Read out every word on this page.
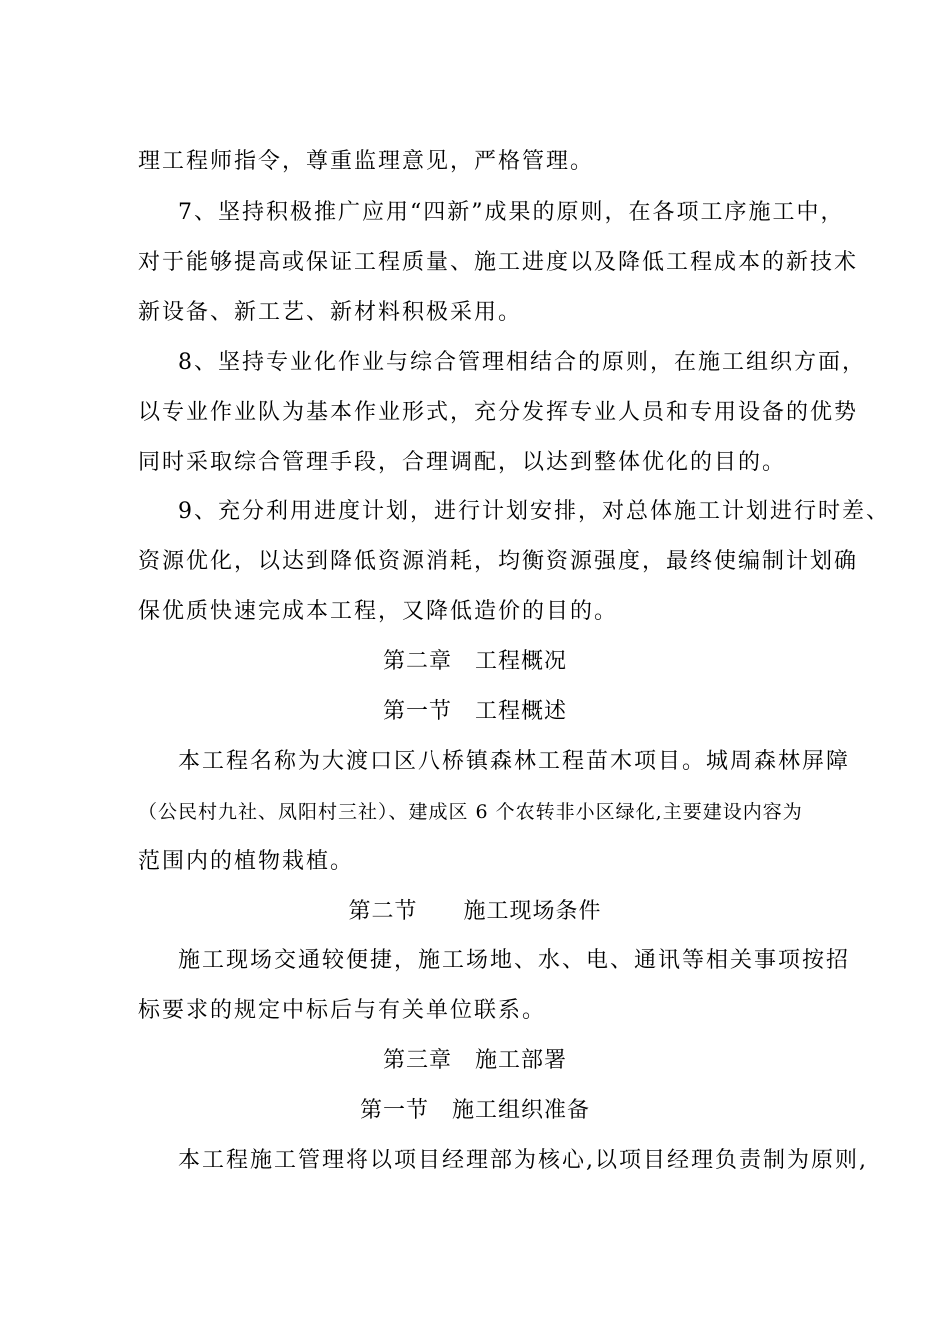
理工程师指令，尊重监理意见，严格管理。
7、坚持积极推广应用“四新”成果的原则，在各项工序施工中，
对于能够提高或保证工程质量、施工进度以及降低工程成本的新技术
新设备、新工艺、新材料积极采用。
8、坚持专业化作业与综合管理相结合的原则，在施工组织方面，
以专业作业队为基本作业形式，充分发挥专业人员和专用设备的优势
同时采取综合管理手段，合理调配，以达到整体优化的目的。
9、充分利用进度计划，进行计划安排，对总体施工计划进行时差、
资源优化，以达到降低资源消耗，均衡资源强度，最终使编制计划确
保优质快速完成本工程，又降低造价的目的。
第二章　工程概况
第一节　工程概述
本工程名称为大渡口区八桥镇森林工程苗木项目。城周森林屏障
（公民村九社、凤阳村三社）、建成区 6 个农转非小区绿化,主要建设内容为
范围内的植物栽植。
第二节　　施工现场条件
施工现场交通较便捷，施工场地、水、电、通讯等相关事项按招
标要求的规定中标后与有关单位联系。
第三章　施工部署
第一节　施工组织准备
本工程施工管理将以项目经理部为核心,以项目经理负责制为原则,
